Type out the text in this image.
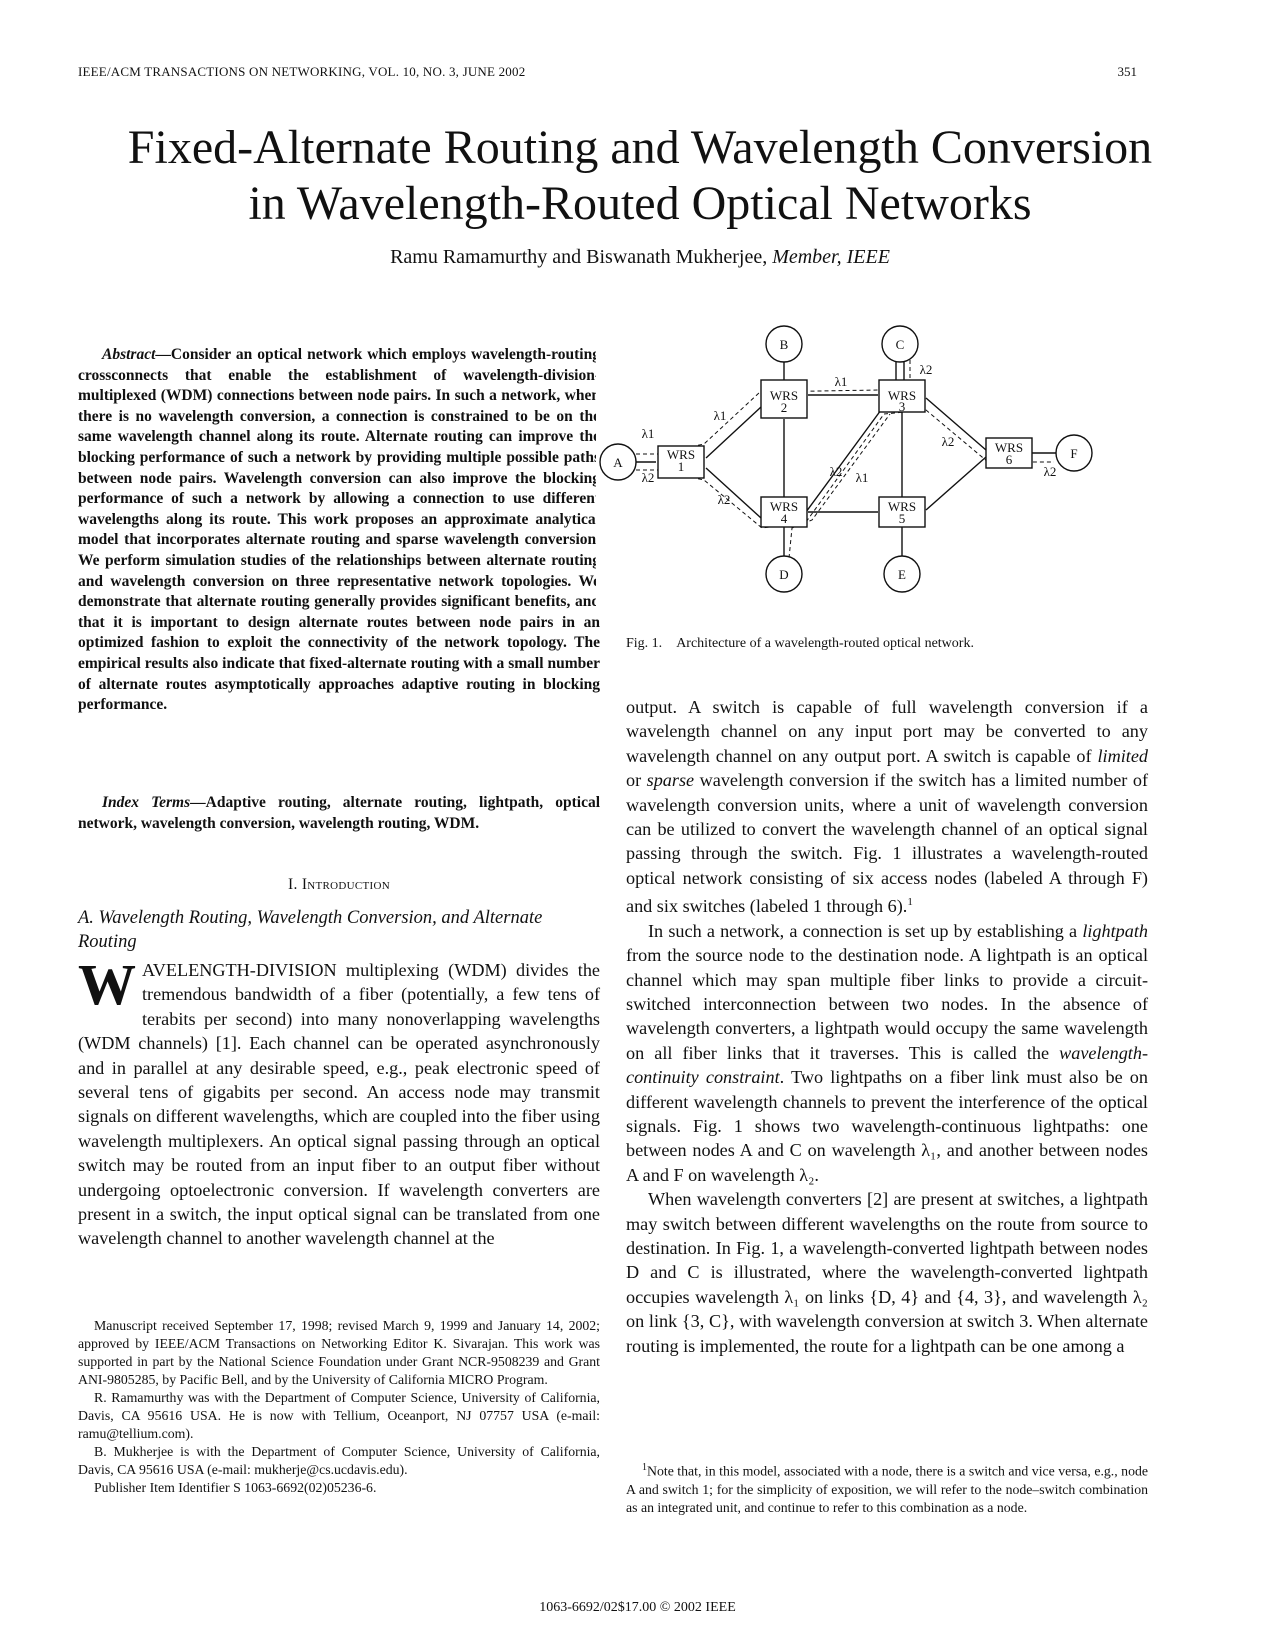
IEEE/ACM TRANSACTIONS ON NETWORKING, VOL. 10, NO. 3, JUNE 2002	351
Fixed-Alternate Routing and Wavelength Conversion
in Wavelength-Routed Optical Networks
Ramu Ramamurthy and Biswanath Mukherjee, Member, IEEE

Abstract—Consider an optical network which employs wavelength-routing crossconnects that enable the establishment of wavelength-division-multiplexed (WDM) connections between node pairs. In such a network, when there is no wavelength conversion, a connection is constrained to be on the same wavelength channel along its route. Alternate routing can improve the blocking performance of such a network by providing multiple possible paths between node pairs. Wavelength conversion can also improve the blocking performance of such a network by allowing a connection to use different wavelengths along its route. This work proposes an approximate analytical model that incorporates alternate routing and sparse wavelength conversion. We perform simulation studies of the relationships between alternate routing and wavelength conversion on three representative network topologies. We demonstrate that alternate routing generally provides significant benefits, and that it is important to design alternate routes between node pairs in an optimized fashion to exploit the connectivity of the network topology. The empirical results also indicate that fixed-alternate routing with a small number of alternate routes asymptotically approaches adaptive routing in blocking performance.

Index Terms—Adaptive routing, alternate routing, lightpath, optical network, wavelength conversion, wavelength routing, WDM.

I. Introduction

A. Wavelength Routing, Wavelength Conversion, and Alternate Routing

WAVELENGTH-DIVISION multiplexing (WDM) divides the tremendous bandwidth of a fiber (potentially, a few tens of terabits per second) into many nonoverlapping wavelengths (WDM channels) [1]. Each channel can be operated asynchronously and in parallel at any desirable speed, e.g., peak electronic speed of several tens of gigabits per second. An access node may transmit signals on different wavelengths, which are coupled into the fiber using wavelength multiplexers. An optical signal passing through an optical switch may be routed from an input fiber to an output fiber without undergoing optoelectronic conversion. If wavelength converters are present in a switch, the input optical signal can be translated from one wavelength channel to another wavelength channel at the

A
B	C
D	E
F
WRS
1
WRS
2
WRS
3
WRS
4
WRS
5
WRS
6
λ1
λ2
λ1
λ2
λ1
λ2
λ2 λ1
λ2
λ2
Fig. 1. Architecture of a wavelength-routed optical network.

output. A switch is capable of full wavelength conversion if a wavelength channel on any input port may be converted to any wavelength channel on any output port. A switch is capable of limited or sparse wavelength conversion if the switch has a limited number of wavelength conversion units, where a unit of wavelength conversion can be utilized to convert the wavelength channel of an optical signal passing through the switch. Fig. 1 illustrates a wavelength-routed optical network consisting of six access nodes (labeled A through F) and six switches (labeled 1 through 6).$^1$

In such a network, a connection is set up by establishing a lightpath from the source node to the destination node. A lightpath is an optical channel which may span multiple fiber links to provide a circuit-switched interconnection between two nodes. In the absence of wavelength converters, a lightpath would occupy the same wavelength on all fiber links that it traverses. This is called the wavelength-continuity constraint. Two lightpaths on a fiber link must also be on different wavelength channels to prevent the interference of the optical signals. Fig. 1 shows two wavelength-continuous lightpaths: one between nodes A and C on wavelength λ₁, and another between nodes A and F on wavelength λ₂.

When wavelength converters [2] are present at switches, a lightpath may switch between different wavelengths on the route from source to destination. In Fig. 1, a wavelength-converted lightpath between nodes D and C is illustrated, where the wavelength-converted lightpath occupies wavelength λ₁ on links {D, 4} and {4, 3}, and wavelength λ₂ on link {3, C}, with wavelength conversion at switch 3. When alternate routing is implemented, the route for a lightpath can be one among a

Manuscript received September 17, 1998; revised March 9, 1999 and January 14, 2002; approved by IEEE/ACM Transactions on Networking Editor K. Sivarajan. This work was supported in part by the National Science Foundation under Grant NCR-9508239 and Grant ANI-9805285, by Pacific Bell, and by the University of California MICRO Program.

R. Ramamurthy was with the Department of Computer Science, University of California, Davis, CA 95616 USA. He is now with Tellium, Oceanport, NJ 07757 USA (e-mail: ramu@tellium.com).

B. Mukherjee is with the Department of Computer Science, University of California, Davis, CA 95616 USA (e-mail: mukherje@cs.ucdavis.edu).

Publisher Item Identifier S 1063-6692(02)05236-6.

$^1$Note that, in this model, associated with a node, there is a switch and vice versa, e.g., node A and switch 1; for the simplicity of exposition, we will refer to the node–switch combination as an integrated unit, and continue to refer to this combination as a node.

1063-6692/02$17.00 © 2002 IEEE
